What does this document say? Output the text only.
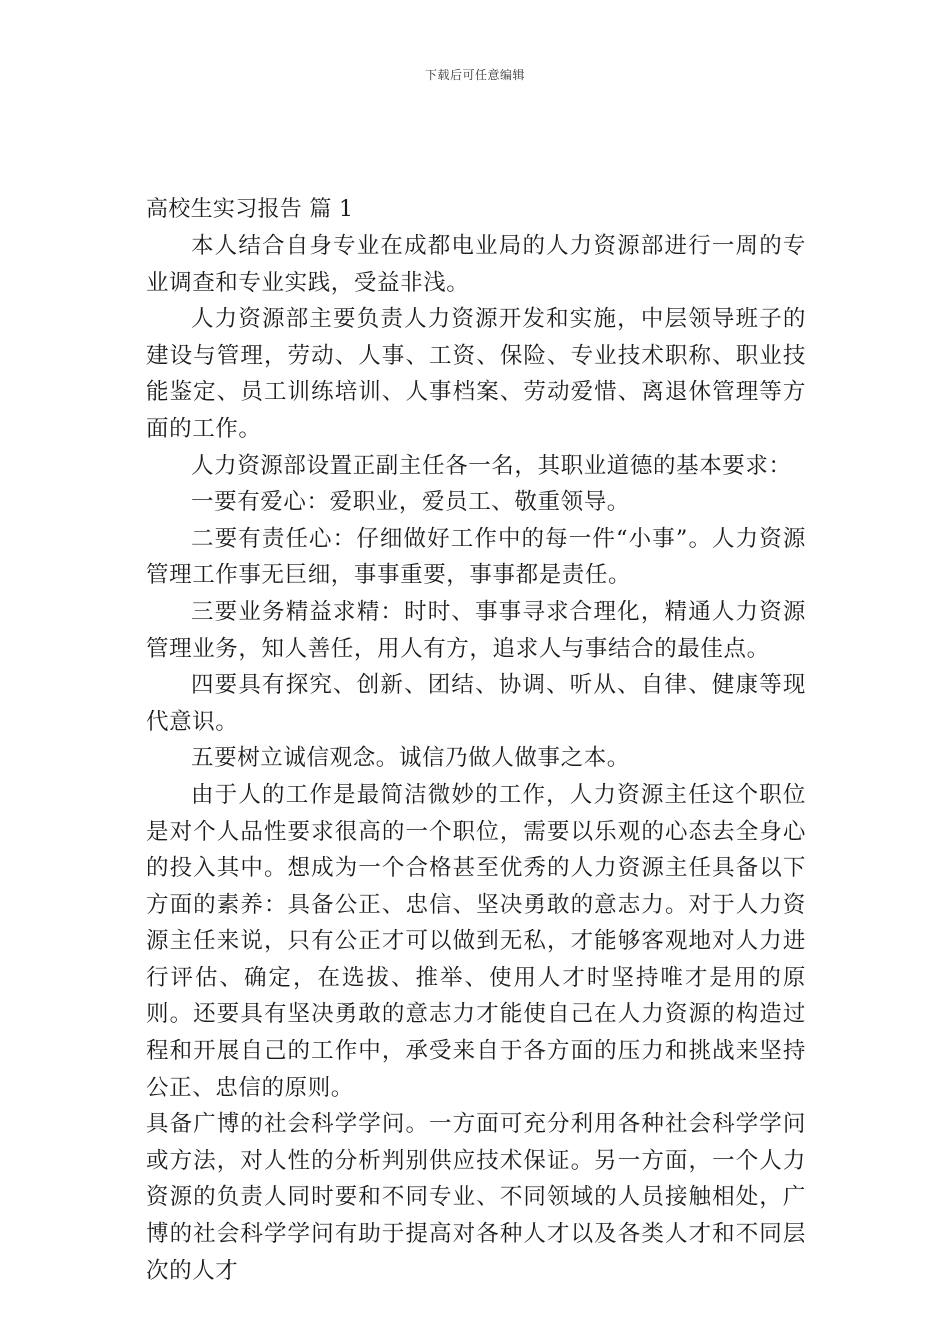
下载后可任意编辑
高校生实习报告 篇 1

本人结合自身专业在成都电业局的人力资源部进行一周的专业调查和专业实践，受益非浅。

人力资源部主要负责人力资源开发和实施，中层领导班子的建设与管理，劳动、人事、工资、保险、专业技术职称、职业技能鉴定、员工训练培训、人事档案、劳动爱惜、离退休管理等方面的工作。

人力资源部设置正副主任各一名，其职业道德的基本要求：

一要有爱心：爱职业，爱员工、敬重领导。

二要有责任心：仔细做好工作中的每一件“小事”。人力资源管理工作事无巨细，事事重要，事事都是责任。

三要业务精益求精：时时、事事寻求合理化，精通人力资源管理业务，知人善任，用人有方，追求人与事结合的最佳点。

四要具有探究、创新、团结、协调、听从、自律、健康等现代意识。

五要树立诚信观念。诚信乃做人做事之本。

由于人的工作是最简洁微妙的工作，人力资源主任这个职位是对个人品性要求很高的一个职位，需要以乐观的心态去全身心的投入其中。想成为一个合格甚至优秀的人力资源主任具备以下方面的素养：具备公正、忠信、坚决勇敢的意志力。对于人力资源主任来说，只有公正才可以做到无私，才能够客观地对人力进行评估、确定，在选拔、推举、使用人才时坚持唯才是用的原则。还要具有坚决勇敢的意志力才能使自己在人力资源的构造过程和开展自己的工作中，承受来自于各方面的压力和挑战来坚持公正、忠信的原则。

具备广博的社会科学学问。一方面可充分利用各种社会科学学问或方法，对人性的分析判别供应技术保证。另一方面，一个人力资源的负责人同时要和不同专业、不同领域的人员接触相处，广博的社会科学学问有助于提高对各种人才以及各类人才和不同层次的人才
